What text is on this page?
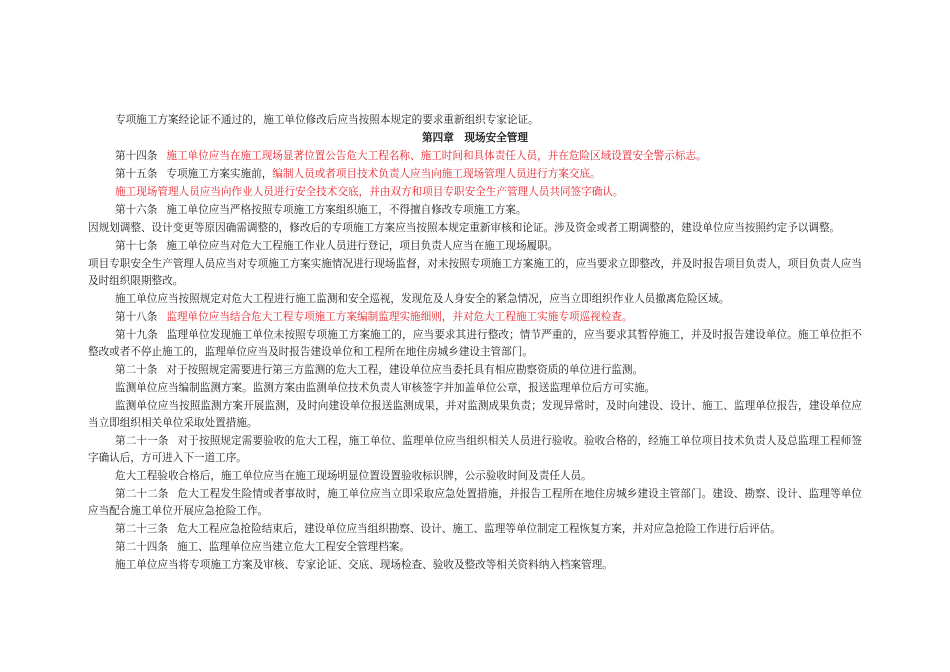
专项施工方案经论证不通过的，施工单位修改后应当按照本规定的要求重新组织专家论证。

第四章　现场安全管理

第十四条 施工单位应当在施工现场显著位置公告危大工程名称、施工时间和具体责任人员，并在危险区域设置安全警示标志。

第十五条 专项施工方案实施前，编制人员或者项目技术负责人应当向施工现场管理人员进行方案交底。

施工现场管理人员应当向作业人员进行安全技术交底，并由双方和项目专职安全生产管理人员共同签字确认。

第十六条 施工单位应当严格按照专项施工方案组织施工，不得擅自修改专项施工方案。

因规划调整、设计变更等原因确需调整的，修改后的专项施工方案应当按照本规定重新审核和论证。涉及资金或者工期调整的，建设单位应当按照约定予以调整。

第十七条 施工单位应当对危大工程施工作业人员进行登记，项目负责人应当在施工现场履职。

项目专职安全生产管理人员应当对专项施工方案实施情况进行现场监督，对未按照专项施工方案施工的，应当要求立即整改，并及时报告项目负责人，项目负责人应当及时组织限期整改。

施工单位应当按照规定对危大工程进行施工监测和安全巡视，发现危及人身安全的紧急情况，应当立即组织作业人员撤离危险区域。

第十八条 监理单位应当结合危大工程专项施工方案编制监理实施细则，并对危大工程施工实施专项巡视检查。

第十九条 监理单位发现施工单位未按照专项施工方案施工的，应当要求其进行整改；情节严重的，应当要求其暂停施工，并及时报告建设单位。施工单位拒不整改或者不停止施工的，监理单位应当及时报告建设单位和工程所在地住房城乡建设主管部门。

第二十条 对于按照规定需要进行第三方监测的危大工程，建设单位应当委托具有相应勘察资质的单位进行监测。

监测单位应当编制监测方案。监测方案由监测单位技术负责人审核签字并加盖单位公章，报送监理单位后方可实施。

监测单位应当按照监测方案开展监测，及时向建设单位报送监测成果，并对监测成果负责；发现异常时，及时向建设、设计、施工、监理单位报告，建设单位应当立即组织相关单位采取处置措施。

第二十一条 对于按照规定需要验收的危大工程，施工单位、监理单位应当组织相关人员进行验收。验收合格的，经施工单位项目技术负责人及总监理工程师签字确认后，方可进入下一道工序。

危大工程验收合格后，施工单位应当在施工现场明显位置设置验收标识牌，公示验收时间及责任人员。

第二十二条 危大工程发生险情或者事故时，施工单位应当立即采取应急处置措施，并报告工程所在地住房城乡建设主管部门。建设、勘察、设计、监理等单位应当配合施工单位开展应急抢险工作。

第二十三条 危大工程应急抢险结束后，建设单位应当组织勘察、设计、施工、监理等单位制定工程恢复方案，并对应急抢险工作进行后评估。

第二十四条 施工、监理单位应当建立危大工程安全管理档案。

施工单位应当将专项施工方案及审核、专家论证、交底、现场检查、验收及整改等相关资料纳入档案管理。
